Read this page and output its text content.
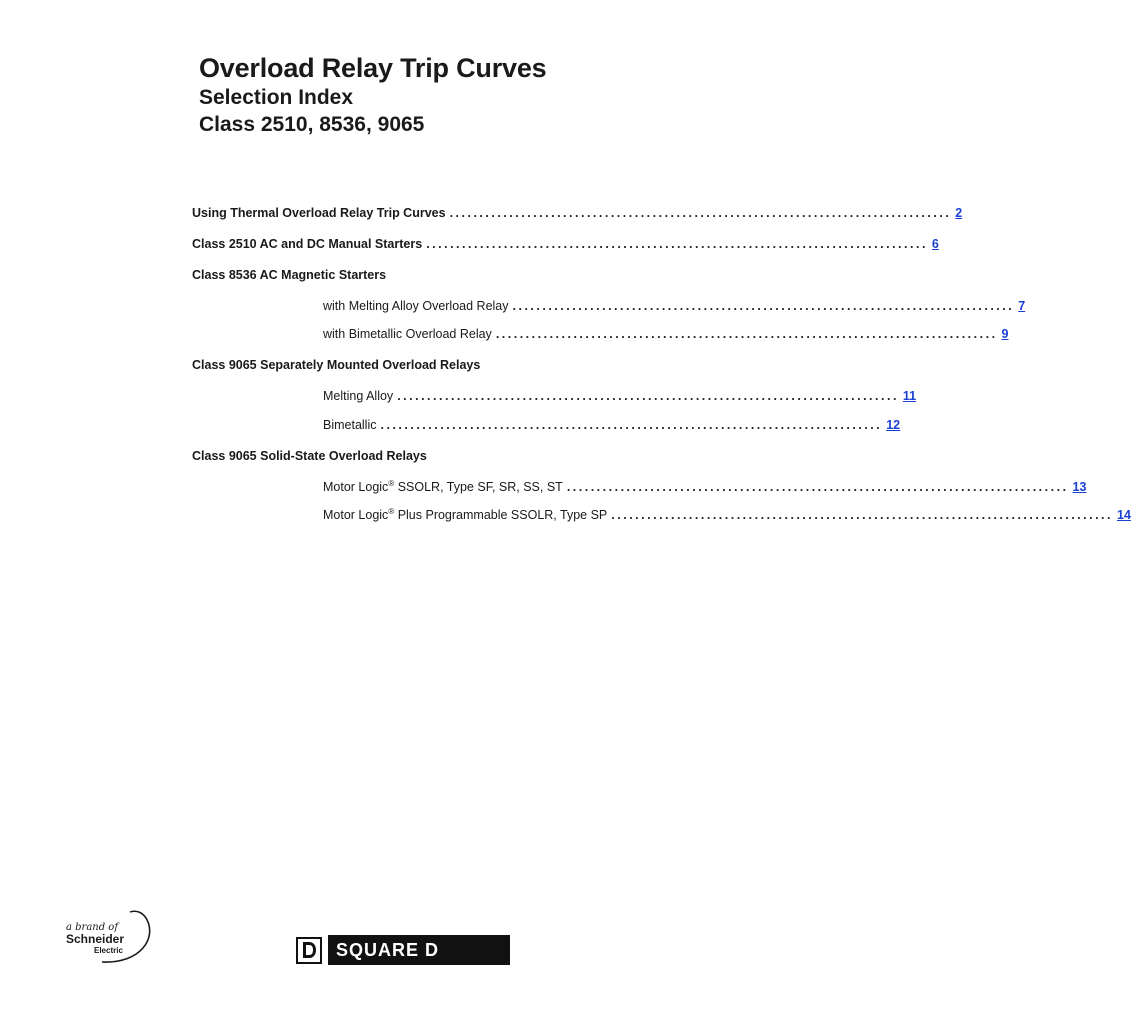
Overload Relay Trip Curves

Selection Index

Class 2510, 8536, 9065

Using Thermal Overload Relay Trip Curves .................................................................................... 2
Class 2510 AC and DC Manual Starters .................................................................................... 6
Class 8536 AC Magnetic Starters
with Melting Alloy Overload Relay .................................................................................... 7
with Bimetallic Overload Relay .................................................................................... 9
Class 9065 Separately Mounted Overload Relays
Melting Alloy .................................................................................... 11
Bimetallic .................................................................................... 12
Class 9065 Solid-State Overload Relays
Motor Logic® SSOLR, Type SF, SR, SS, ST .................................................................................... 13
Motor Logic® Plus Programmable SSOLR, Type SP .................................................................................... 14
a brand of
Schneider
Electric	SQUARE D
